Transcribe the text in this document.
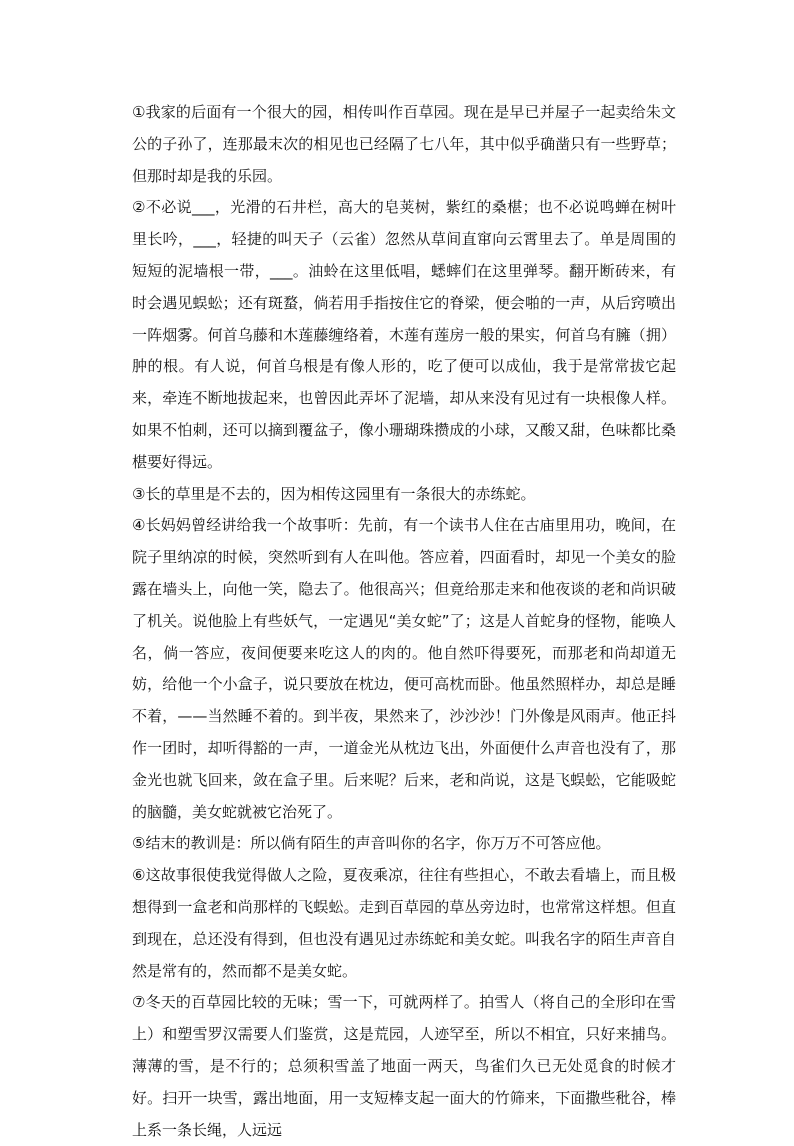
①我家的后面有一个很大的园，相传叫作百草园。现在是早已并屋子一起卖给朱文公的子孙了，连那最末次的相见也已经隔了七八年，其中似乎确凿只有一些野草；但那时却是我的乐园。

②不必说___，光滑的石井栏，高大的皂荚树，紫红的桑椹；也不必说鸣蝉在树叶里长吟，___，轻捷的叫天子（云雀）忽然从草间直窜向云霄里去了。单是周围的短短的泥墙根一带，___。油蛉在这里低唱，蟋蟀们在这里弹琴。翻开断砖来，有时会遇见蜈蚣；还有斑蝥，倘若用手指按住它的脊梁，便会啪的一声，从后窍喷出一阵烟雾。何首乌藤和木莲藤缠络着，木莲有莲房一般的果实，何首乌有臃（拥）肿的根。有人说，何首乌根是有像人形的，吃了便可以成仙，我于是常常拔它起来，牵连不断地拔起来，也曾因此弄坏了泥墙，却从来没有见过有一块根像人样。如果不怕刺，还可以摘到覆盆子，像小珊瑚珠攒成的小球，又酸又甜，色味都比桑椹要好得远。

③长的草里是不去的，因为相传这园里有一条很大的赤练蛇。

④长妈妈曾经讲给我一个故事听：先前，有一个读书人住在古庙里用功，晚间，在院子里纳凉的时候，突然听到有人在叫他。答应着，四面看时，却见一个美女的脸露在墙头上，向他一笑，隐去了。他很高兴；但竟给那走来和他夜谈的老和尚识破了机关。说他脸上有些妖气，一定遇见“美女蛇”了；这是人首蛇身的怪物，能唤人名，倘一答应，夜间便要来吃这人的肉的。他自然吓得要死，而那老和尚却道无妨，给他一个小盒子，说只要放在枕边，便可高枕而卧。他虽然照样办，却总是睡不着，——当然睡不着的。到半夜，果然来了，沙沙沙！门外像是风雨声。他正抖作一团时，却听得豁的一声，一道金光从枕边飞出，外面便什么声音也没有了，那金光也就飞回来，敛在盒子里。后来呢？后来，老和尚说，这是飞蜈蚣，它能吸蛇的脑髓，美女蛇就被它治死了。

⑤结末的教训是：所以倘有陌生的声音叫你的名字，你万万不可答应他。

⑥这故事很使我觉得做人之险，夏夜乘凉，往往有些担心，不敢去看墙上，而且极想得到一盒老和尚那样的飞蜈蚣。走到百草园的草丛旁边时，也常常这样想。但直到现在，总还没有得到，但也没有遇见过赤练蛇和美女蛇。叫我名字的陌生声音自然是常有的，然而都不是美女蛇。

⑦冬天的百草园比较的无味；雪一下，可就两样了。拍雪人（将自己的全形印在雪上）和塑雪罗汉需要人们鉴赏，这是荒园，人迹罕至，所以不相宜，只好来捕鸟。薄薄的雪，是不行的；总须积雪盖了地面一两天，鸟雀们久已无处觅食的时候才好。扫开一块雪，露出地面，用一支短棒支起一面大的竹筛来，下面撒些秕谷，棒上系一条长绳，人远远
